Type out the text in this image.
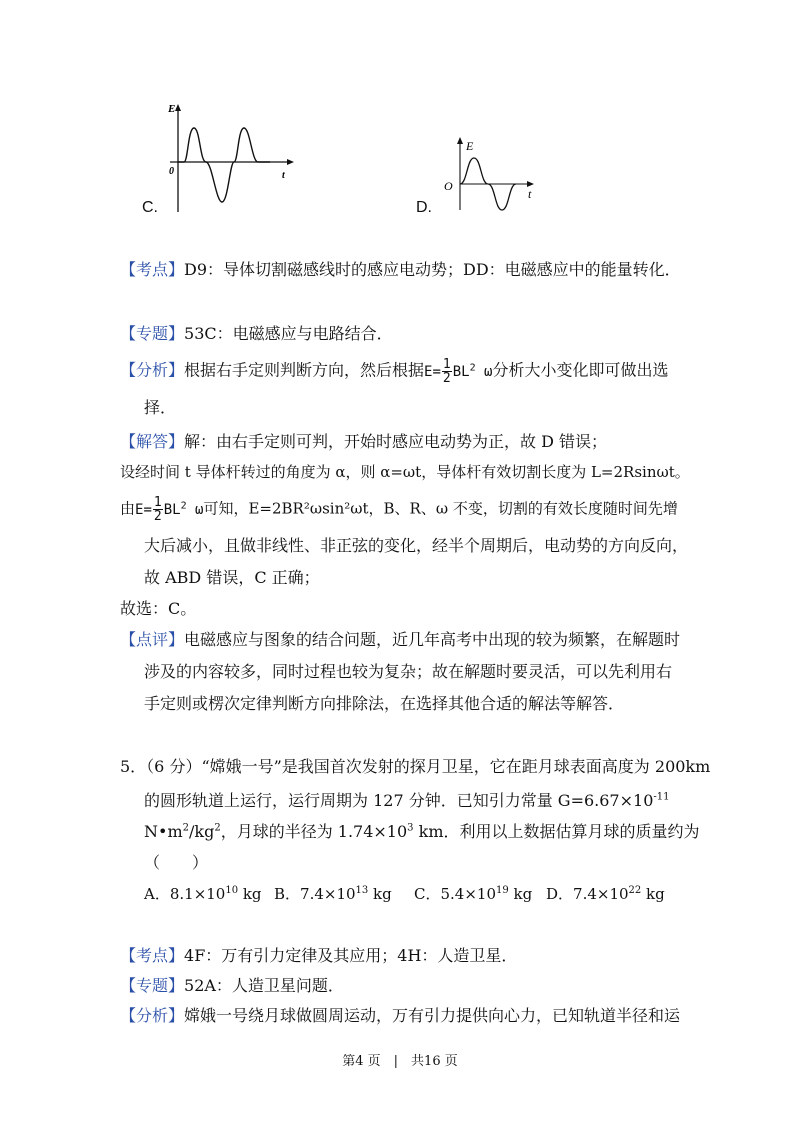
E
0	t
C.
E
O
t
D.
【考点】D9：导体切割磁感线时的感应电动势；DD：电磁感应中的能量转化．
【专题】53C：电磁感应与电路结合．
【分析】根据右手定则判断方向，然后根据$E= \frac{1}{2} BL^2$ ω分析大小变化即可做出选
择．
【解答】解：由右手定则可判，开始时感应电动势为正，故 D 错误；
设经时间 t 导体杆转过的角度为 α，则 α=ωt，导体杆有效切割长度为 L=2Rsinωt。
由$E= \frac{1}{2} BL^2$ ω可知，E=2BR²ωsin²ωt，B、R、ω 不变，切割的有效长度随时间先增
大后减小，且做非线性、非正弦的变化，经半个周期后，电动势的方向反向，
故 ABD 错误，C 正确；
故选：C。
【点评】电磁感应与图象的结合问题，近几年高考中出现的较为频繁，在解题时
涉及的内容较多，同时过程也较为复杂；故在解题时要灵活，可以先利用右
手定则或楞次定律判断方向排除法，在选择其他合适的解法等解答．
5．（6 分）“嫦娥一号”是我国首次发射的探月卫星，它在距月球表面高度为 200km
的圆形轨道上运行，运行周期为 127 分钟．已知引力常量 $G=6.67\times 10^{-11}$
$N•m^2/kg^2$，月球的半径为 $1.74\times 10^3$ km．利用以上数据估算月球的质量约为
（　　）
A．$8.1\times 10^{10}$ kg B．$7.4\times 10^{13}$ kg C．$5.4\times 10^{19}$ kg D．$7.4\times 10^{22}$ kg
【考点】4F：万有引力定律及其应用；4H：人造卫星．
【专题】52A：人造卫星问题．
【分析】嫦娥一号绕月球做圆周运动，万有引力提供向心力，已知轨道半径和运
第4 页　|　共16 页
